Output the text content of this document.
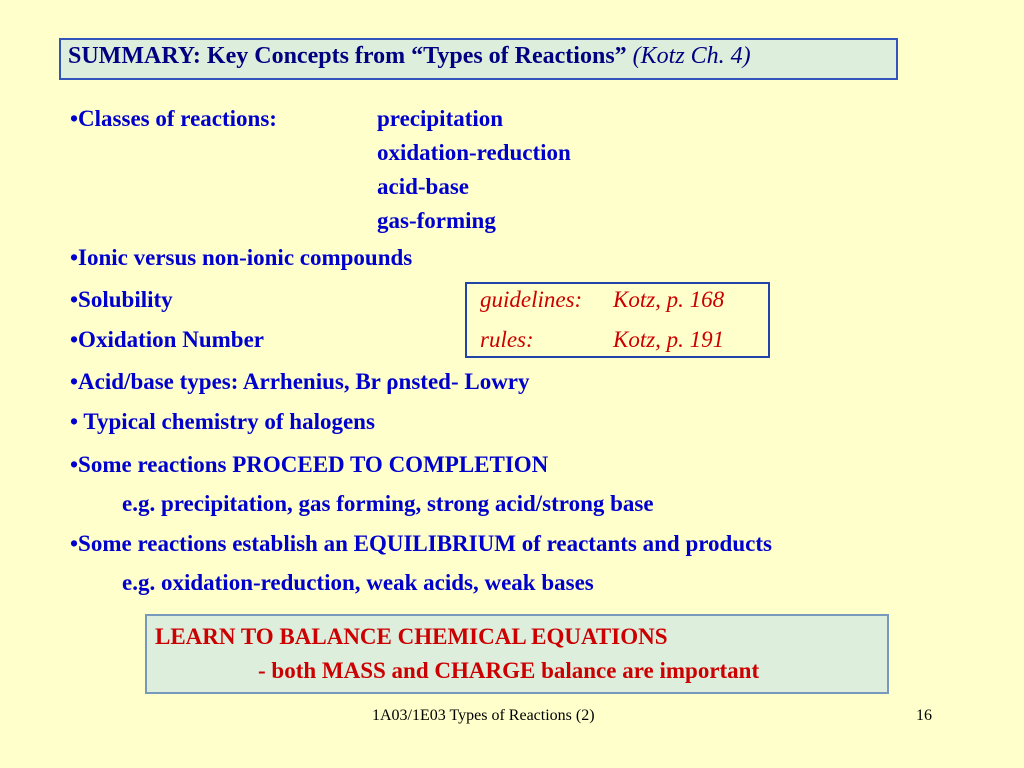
SUMMARY: Key Concepts from “Types of Reactions” (Kotz Ch. 4)
•Classes of reactions:	precipitation
oxidation-reduction
acid-base
gas-forming
•Ionic versus non-ionic compounds
•Solubility
•Oxidation Number
guidelines: Kotz, p. 168
rules:	Kotz, p. 191
•Acid/base types: Arrhenius, Br ρnsted- Lowry
• Typical chemistry of halogens
•Some reactions PROCEED TO COMPLETION
e.g. precipitation, gas forming, strong acid/strong base
•Some reactions establish an EQUILIBRIUM of reactants and products
e.g. oxidation-reduction, weak acids, weak bases
LEARN TO BALANCE CHEMICAL EQUATIONS
- both MASS and CHARGE balance are important
1A03/1E03 Types of Reactions (2)	16
